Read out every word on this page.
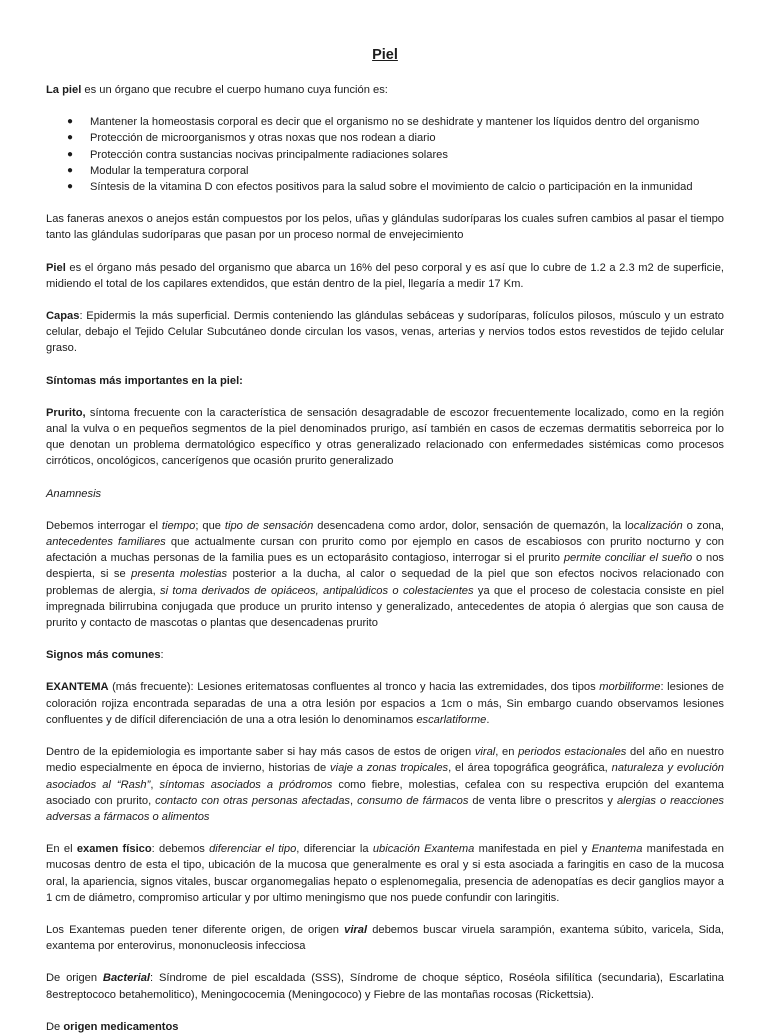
Piel

La piel es un órgano que recubre el cuerpo humano cuya función es:

● Mantener la homeostasis corporal es decir que el organismo no se deshidrate y mantener los líquidos dentro del organismo
● Protección de microorganismos y otras noxas que nos rodean a diario
● Protección contra sustancias nocivas principalmente radiaciones solares
● Modular la temperatura corporal
● Síntesis de la vitamina D con efectos positivos para la salud sobre el movimiento de calcio o participación en la inmunidad

Las faneras anexos o anejos están compuestos por los pelos, uñas y glándulas sudoríparas los cuales sufren cambios al pasar el tiempo tanto las glándulas sudoríparas que pasan por un proceso normal de envejecimiento

Piel es el órgano más pesado del organismo que abarca un 16% del peso corporal y es así que lo cubre de 1.2 a 2.3 m2 de superficie, midiendo el total de los capilares extendidos, que están dentro de la piel, llegaría a medir 17 Km.

Capas: Epidermis la más superficial. Dermis conteniendo las glándulas sebáceas y sudoríparas, folículos pilosos, músculo y un estrato celular, debajo el Tejido Celular Subcutáneo donde circulan los vasos, venas, arterias y nervios todos estos revestidos de tejido celular graso.

Síntomas más importantes en la piel:

Prurito, síntoma frecuente con la característica de sensación desagradable de escozor frecuentemente localizado, como en la región anal la vulva o en pequeños segmentos de la piel denominados prurigo, así también en casos de eczemas dermatitis seborreica por lo que denotan un problema dermatológico específico y otras generalizado relacionado con enfermedades sistémicas como procesos cirróticos, oncológicos, cancerígenos que ocasión prurito generalizado

Anamnesis

Debemos interrogar el tiempo; que tipo de sensación desencadena como ardor, dolor, sensación de quemazón, la localización o zona, antecedentes familiares que actualmente cursan con prurito como por ejemplo en casos de escabiosos con prurito nocturno y con afectación a muchas personas de la familia pues es un ectoparásito contagioso, interrogar si el prurito permite conciliar el sueño o nos despierta, si se presenta molestias posterior a la ducha, al calor o sequedad de la piel que son efectos nocivos relacionado con problemas de alergia, si toma derivados de opiáceos, antipalúdicos o colestacientes ya que el proceso de colestacia consiste en piel impregnada bilirrubina conjugada que produce un prurito intenso y generalizado, antecedentes de atopia ó alergias que son causa de prurito y contacto de mascotas o plantas que desencadenas prurito

Signos más comunes:

EXANTEMA (más frecuente): Lesiones eritematosas confluentes al tronco y hacia las extremidades, dos tipos morbiliforme: lesiones de coloración rojiza encontrada separadas de una a otra lesión por espacios a 1cm o más, Sin embargo cuando observamos lesiones confluentes y de difícil diferenciación de una a otra lesión lo denominamos escarlatiforme.

Dentro de la epidemiologia es importante saber si hay más casos de estos de origen viral, en periodos estacionales del año en nuestro medio especialmente en época de invierno, historias de viaje a zonas tropicales, el área topográfica geográfica, naturaleza y evolución asociados al “Rash”, síntomas asociados a pródromos como fiebre, molestias, cefalea con su respectiva erupción del exantema asociado con prurito, contacto con otras personas afectadas, consumo de fármacos de venta libre o prescritos y alergias o reacciones adversas a fármacos o alimentos

En el examen físico: debemos diferenciar el tipo, diferenciar la ubicación Exantema manifestada en piel y Enantema manifestada en mucosas dentro de esta el tipo, ubicación de la mucosa que generalmente es oral y si esta asociada a faringitis en caso de la mucosa oral, la apariencia, signos vitales, buscar organomegalias hepato o esplenomegalia, presencia de adenopatías es decir ganglios mayor a 1 cm de diámetro, compromiso articular y por ultimo meningismo que nos puede confundir con laringitis.

Los Exantemas pueden tener diferente origen, de origen viral debemos buscar viruela sarampión, exantema súbito, varicela, Sida, exantema por enterovirus, mononucleosis infecciosa

De origen Bacterial: Síndrome de piel escaldada (SSS), Síndrome de choque séptico, Roséola sifilítica (secundaria), Escarlatina 8estreptococo betahemolitico), Meningococemia (Meningococo) y Fiebre de las montañas rocosas (Rickettsia).

De origen medicamentos
